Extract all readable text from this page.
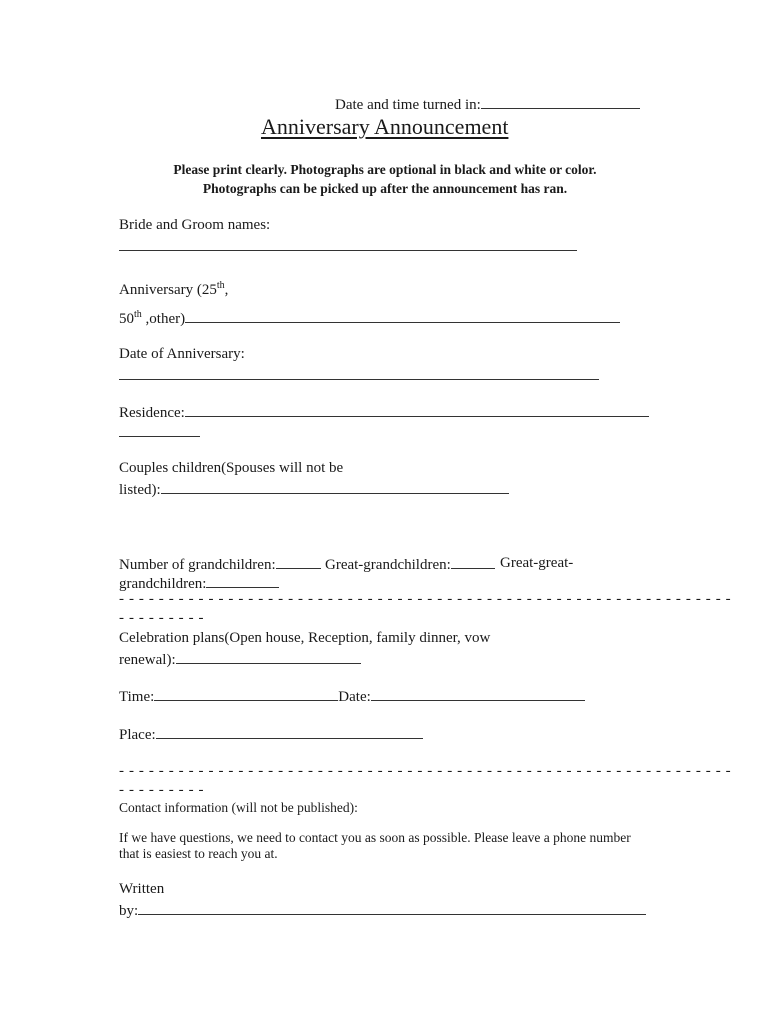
Date and time turned in:
Anniversary Announcement
Please print clearly. Photographs are optional in black and white or color.
Photographs can be picked up after the announcement has ran.
Bride and Groom names:
Anniversary (25th,
50th ,other)
Date of Anniversary:
Residence:
Couples children(Spouses will not be
listed):
Number of grandchildren:	Great-grandchildren:	Great-great-
grandchildren:
- - - - - - - - - - - - - - - - - - - - - - - - - - - - - - - - - - - - - - - - - - - - - - - - - - - - - - - - - - - - - -
- - - - - - - - -
Celebration plans(Open house, Reception, family dinner, vow
renewal):
Time:	Date:
Place:
- - - - - - - - - - - - - - - - - - - - - - - - - - - - - - - - - - - - - - - - - - - - - - - - - - - - - - - - - - - - - -
- - - - - - - - -
Contact information (will not be published):
If we have questions, we need to contact you as soon as possible. Please leave a phone number
that is easiest to reach you at.
Written
by:
